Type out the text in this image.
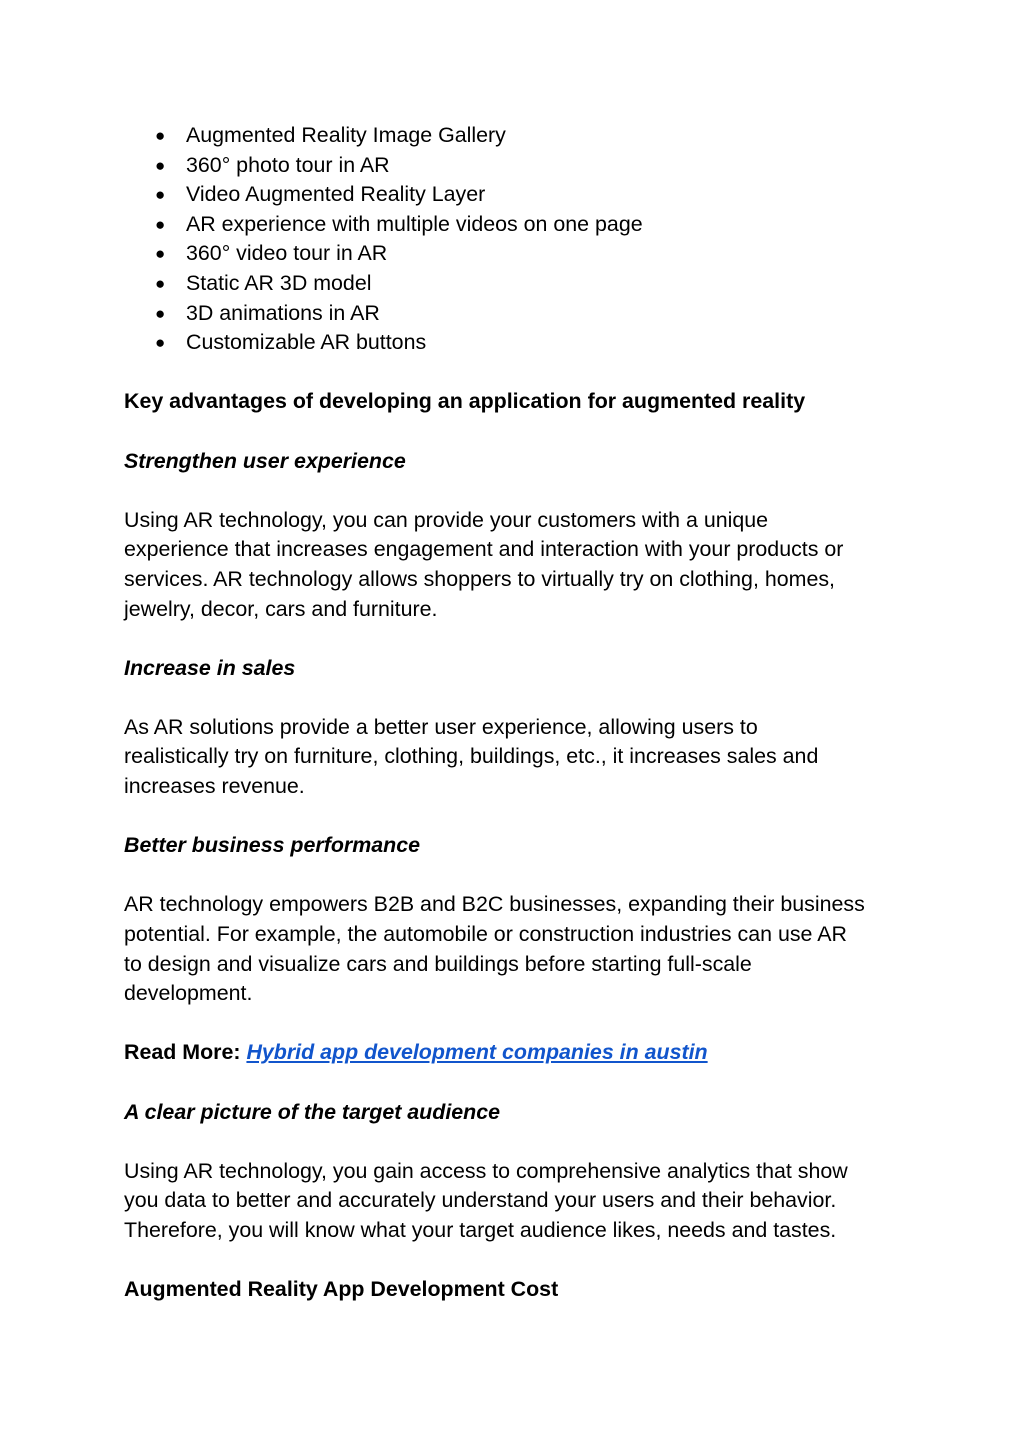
● Augmented Reality Image Gallery
● 360° photo tour in AR
● Video Augmented Reality Layer
● AR experience with multiple videos on one page
● 360° video tour in AR
● Static AR 3D model
● 3D animations in AR
● Customizable AR buttons

Key advantages of developing an application for augmented reality

Strengthen user experience

Using AR technology, you can provide your customers with a unique
experience that increases engagement and interaction with your products or
services. AR technology allows shoppers to virtually try on clothing, homes,
jewelry, decor, cars and furniture.

Increase in sales

As AR solutions provide a better user experience, allowing users to
realistically try on furniture, clothing, buildings, etc., it increases sales and
increases revenue.

Better business performance

AR technology empowers B2B and B2C businesses, expanding their business
potential. For example, the automobile or construction industries can use AR
to design and visualize cars and buildings before starting full-scale
development.

Read More: Hybrid app development companies in austin

A clear picture of the target audience

Using AR technology, you gain access to comprehensive analytics that show
you data to better and accurately understand your users and their behavior.
Therefore, you will know what your target audience likes, needs and tastes.

Augmented Reality App Development Cost
